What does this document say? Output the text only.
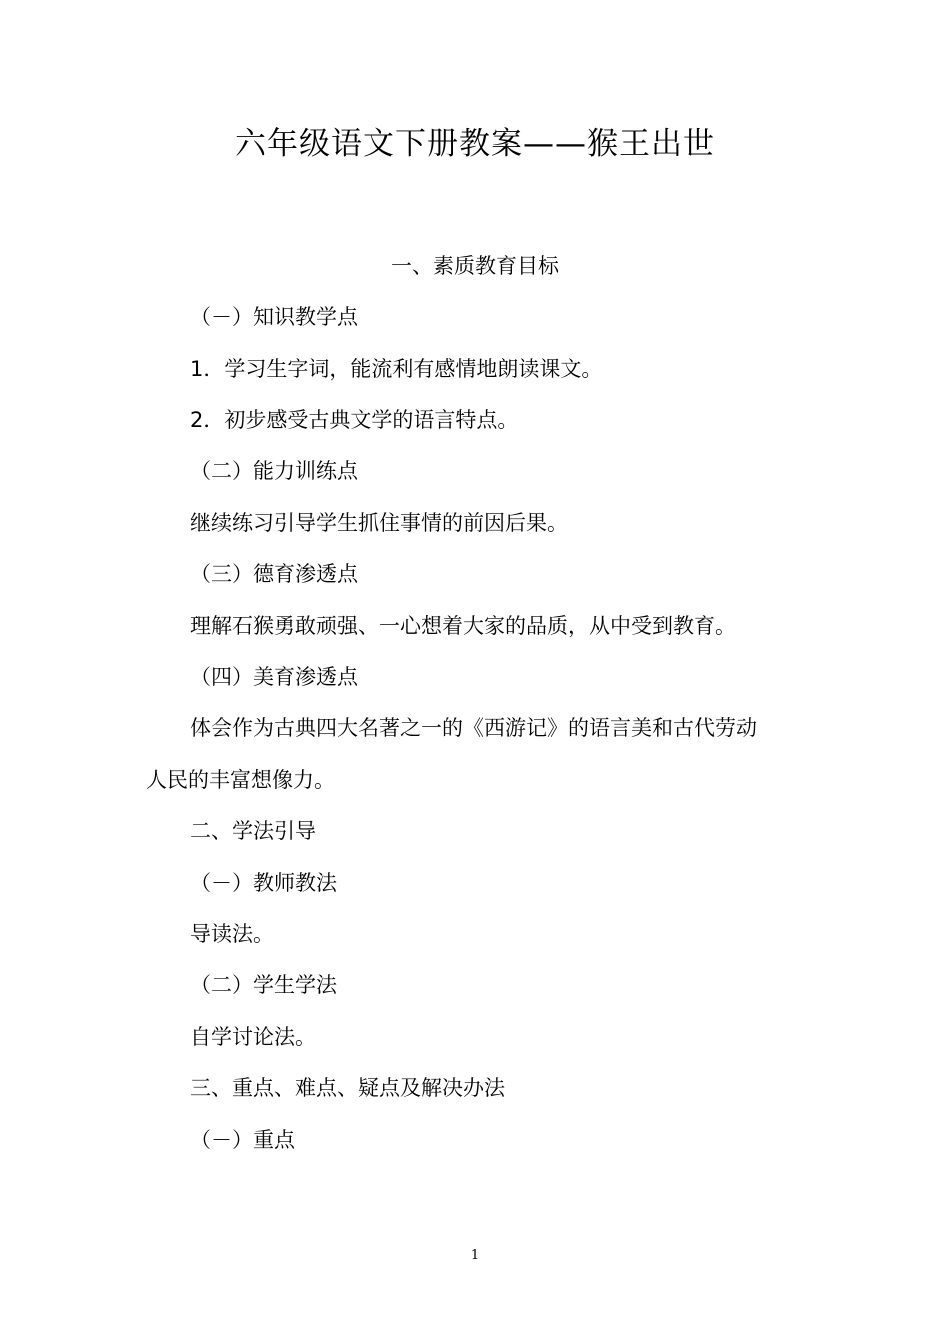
六年级语文下册教案——猴王出世
一、素质教育目标
（－）知识教学点
1．学习生字词，能流利有感情地朗读课文。
2．初步感受古典文学的语言特点。
（二）能力训练点
继续练习引导学生抓住事情的前因后果。
（三）德育渗透点
理解石猴勇敢顽强、一心想着大家的品质，从中受到教育。
（四）美育渗透点
体会作为古典四大名著之一的《西游记》的语言美和古代劳动
人民的丰富想像力。
二、学法引导
（－）教师教法
导读法。
（二）学生学法
自学讨论法。
三、重点、难点、疑点及解决办法
（－）重点
1
